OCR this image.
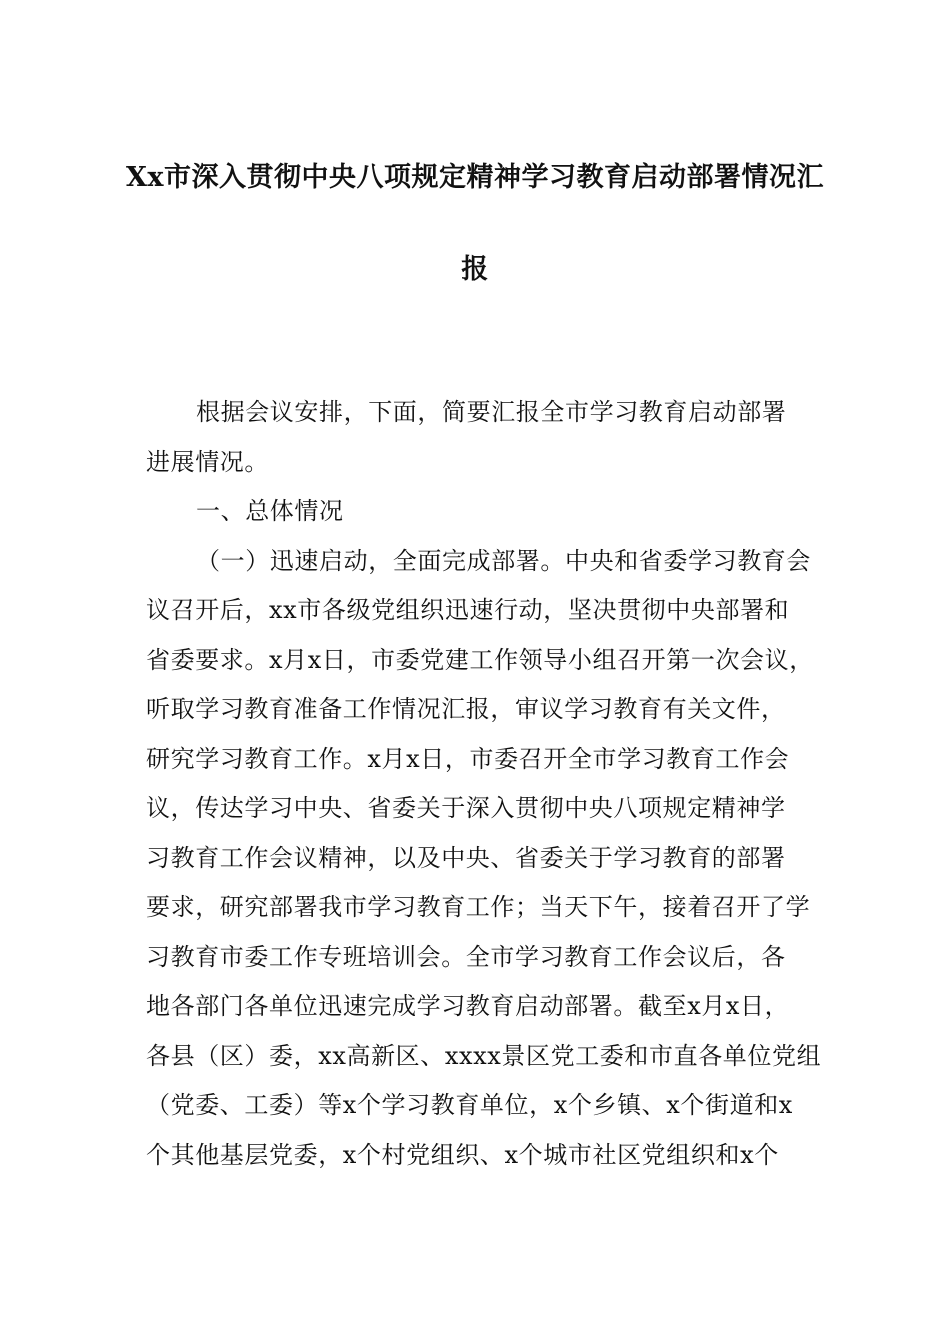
Xx市深入贯彻中央八项规定精神学习教育启动部署情况汇
报
根据会议安排，下面，简要汇报全市学习教育启动部署
进展情况。
一、总体情况
（一）迅速启动，全面完成部署。中央和省委学习教育会
议召开后，xx市各级党组织迅速行动，坚决贯彻中央部署和
省委要求。x月x日，市委党建工作领导小组召开第一次会议，
听取学习教育准备工作情况汇报，审议学习教育有关文件，
研究学习教育工作。x月x日，市委召开全市学习教育工作会
议，传达学习中央、省委关于深入贯彻中央八项规定精神学
习教育工作会议精神，以及中央、省委关于学习教育的部署
要求，研究部署我市学习教育工作；当天下午，接着召开了学
习教育市委工作专班培训会。全市学习教育工作会议后，各
地各部门各单位迅速完成学习教育启动部署。截至x月x日，
各县（区）委，xx高新区、xxxx景区党工委和市直各单位党组
（党委、工委）等x个学习教育单位，x个乡镇、x个街道和x
个其他基层党委，x个村党组织、x个城市社区党组织和x个
